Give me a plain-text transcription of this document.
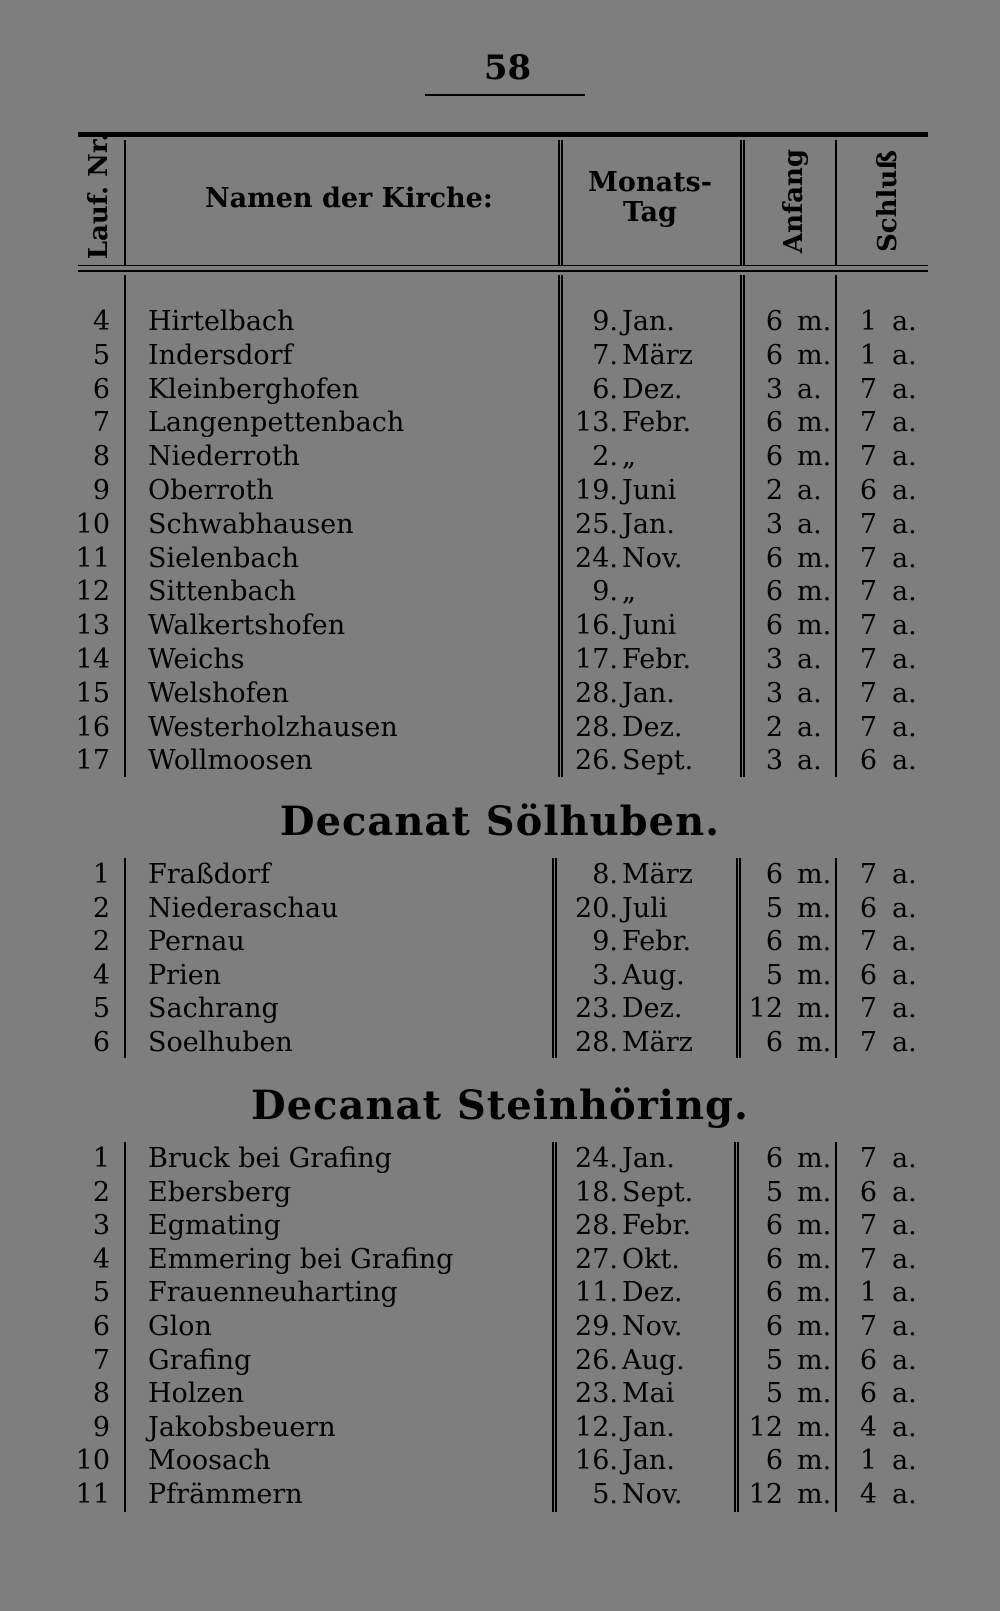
58
Lauf. Nr.	Namen der Kirche:
Monats-
Tag	Anfang Schluß
Decanat Sölhuben.
Decanat Steinhöring.
4 Hirtelbach	9. Jan.	6 m. 1 a.
5 Indersdorf	7. März	6 m. 1 a.
6 Kleinberghofen	6. Dez.	3 a. 7 a.
7 Langenpettenbach	13. Febr.	6 m. 7 a.
8 Niederroth	2. „	6 m. 7 a.
9 Oberroth	19. Juni	2 a. 6 a.
10 Schwabhausen	25. Jan.	3 a. 7 a.
11 Sielenbach	24. Nov.	6 m. 7 a.
12 Sittenbach	9. „	6 m. 7 a.
13 Walkertshofen	16. Juni	6 m. 7 a.
14 Weichs	17. Febr.	3 a. 7 a.
15 Welshofen	28. Jan.	3 a. 7 a.
16 Westerholzhausen	28. Dez.	2 a. 7 a.
17 Wollmoosen	26. Sept.	3 a. 6 a.
1 Fraßdorf	8. März	6 m. 7 a.
2 Niederaschau	20. Juli	5 m. 6 a.
2 Pernau	9. Febr.	6 m. 7 a.
4 Prien	3. Aug.	5 m. 6 a.
5 Sachrang	23. Dez. 12 m. 7 a.
6 Soelhuben	28. März	6 m. 7 a.
1 Bruck bei Grafing	24. Jan.	6 m. 7 a.
2 Ebersberg	18. Sept.	5 m. 6 a.
3 Egmating	28. Febr.	6 m. 7 a.
4 Emmering bei Grafing	27. Okt.	6 m. 7 a.
5 Frauenneuharting	11. Dez.	6 m. 1 a.
6 Glon	29. Nov.	6 m. 7 a.
7 Grafing	26. Aug.	5 m. 6 a.
8 Holzen	23. Mai	5 m. 6 a.
9 Jakobsbeuern	12. Jan.	12 m. 4 a.
10 Moosach	16. Jan.	6 m. 1 a.
11 Pfrämmern	5. Nov. 12 m. 4 a.
